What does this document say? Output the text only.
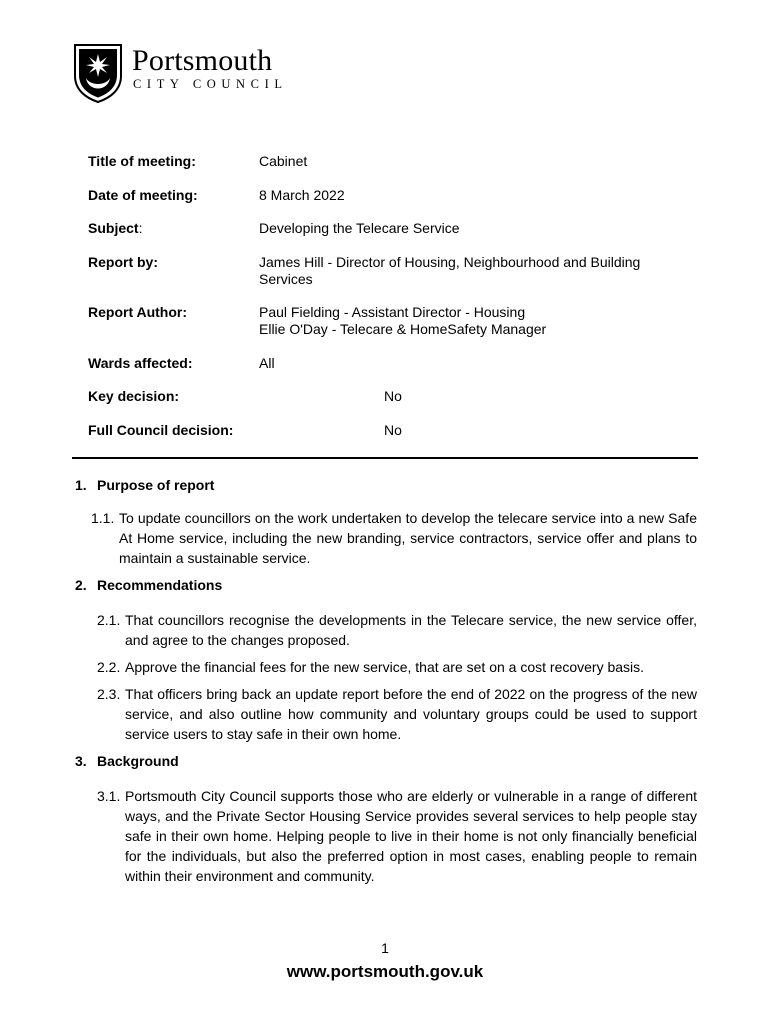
Portsmouth
CITY COUNCIL
Title of meeting:	Cabinet
Date of meeting:	8 March 2022
Subject:	Developing the Telecare Service
Report by:	James Hill - Director of Housing, Neighbourhood and Building
Services
Report Author:	Paul Fielding - Assistant Director - Housing
Ellie O'Day - Telecare & HomeSafety Manager
Wards affected:	All
Key decision:	No
Full Council decision:	No
1. Purpose of report
1.1. To update councillors on the work undertaken to develop the telecare service into a new Safe At Home service, including the new branding, service contractors, service offer and plans to maintain a sustainable service.
2. Recommendations
2.1. That councillors recognise the developments in the Telecare service, the new service offer, and agree to the changes proposed.
2.2. Approve the financial fees for the new service, that are set on a cost recovery basis.
2.3. That officers bring back an update report before the end of 2022 on the progress of the new service, and also outline how community and voluntary groups could be used to support service users to stay safe in their own home.
3. Background
3.1. Portsmouth City Council supports those who are elderly or vulnerable in a range of different ways, and the Private Sector Housing Service provides several services to help people stay safe in their own home. Helping people to live in their home is not only financially beneficial for the individuals, but also the preferred option in most cases, enabling people to remain within their environment and community.
1
www.portsmouth.gov.uk
